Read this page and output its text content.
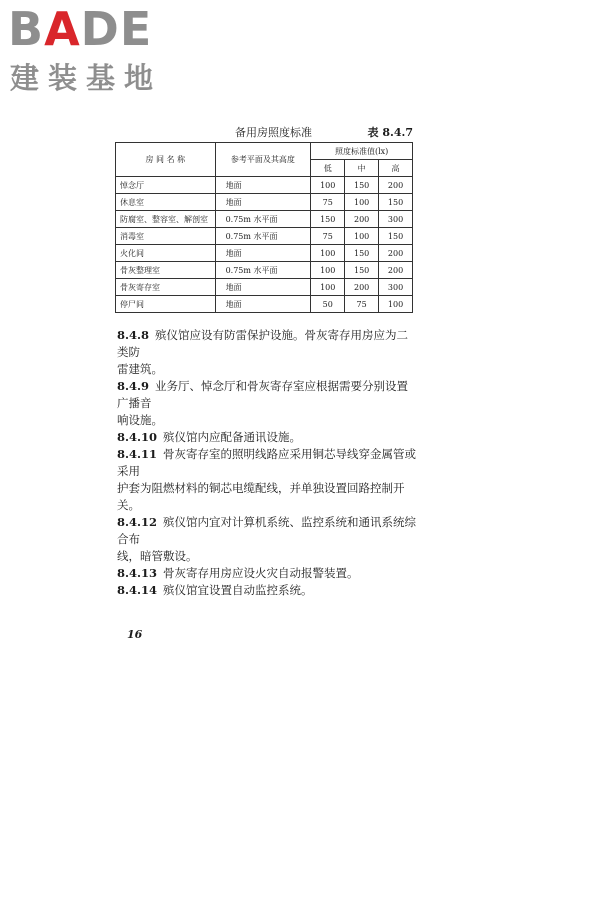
BADE
建装基地
备用房照度标准	表 8.4.7
房 间 名 称	参考平面及其高度	照度标准值(lx)		
		低	中	高
悼念厅	地面	100	150	200
休息室	地面	75	100	150
防腐室、整容室、解剖室	0.75m 水平面	150	200	300
消毒室	0.75m 水平面	75	100	150
火化间	地面	100	150	200
骨灰整理室	0.75m 水平面	100	150	200
骨灰寄存室	地面	100	200	300
停尸间	地面	50	75	100

8.4.8 殡仪馆应设有防雷保护设施。骨灰寄存用房应为二类防

雷建筑。

8.4.9 业务厅、悼念厅和骨灰寄存室应根据需要分别设置广播音

响设施。

8.4.10 殡仪馆内应配备通讯设施。

8.4.11 骨灰寄存室的照明线路应采用铜芯导线穿金属管或采用

护套为阻燃材料的铜芯电缆配线，并单独设置回路控制开关。

8.4.12 殡仪馆内宜对计算机系统、监控系统和通讯系统综合布

线，暗管敷设。

8.4.13 骨灰寄存用房应设火灾自动报警装置。

8.4.14 殡仪馆宜设置自动监控系统。

16
